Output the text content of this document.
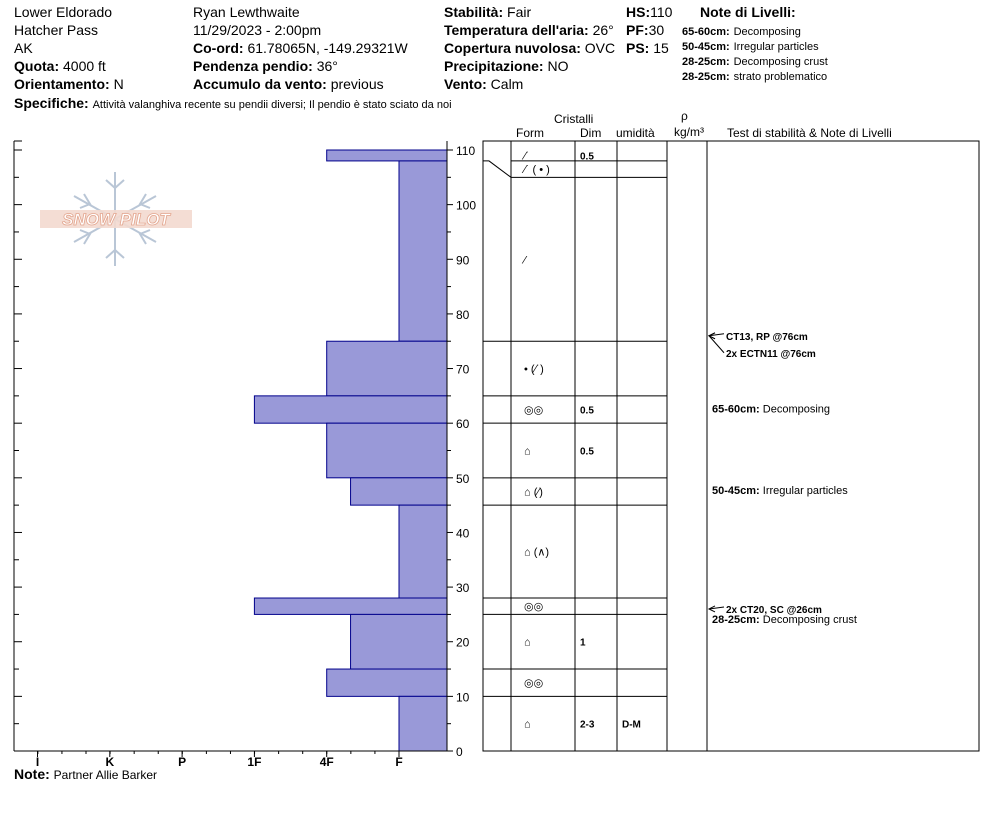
Lower Eldorado
Hatcher Pass
AK
Quota: 4000 ft
Orientamento: N
Ryan Lewthwaite
11/29/2023 - 2:00pm
Co-ord: 61.78065N, -149.29321W
Pendenza pendio: 36°
Accumulo da vento: previous
Stabilità: Fair
Temperatura dell'aria: 26°
Copertura nuvolosa: OVC
Precipitazione: NO
Vento: Calm
HS:110
PF:30
PS: 15
Note di Livelli:
65-60cm: Decomposing
50-45cm: Irregular particles
28-25cm: Decomposing crust
28-25cm: strato problematico
Specifiche: Attività valanghiva recente su pendii diversi; Il pendio è stato sciato da noi
Cristalli
Form	Dim umidità
ρ
kg/m³ Test di stabilità & Note di Livelli
Note: Partner Allie Barker
SNOW PILOT
0
10
20
30
40
50
60
70
80
90
100
110
I	K	P	1F	4F	F
⁄˙	0.5
⁄˙ ( • )
⁄
• (⁄˙)
◎◎	0.5
⌂	0.5
⌂ (⁄)
⌂ (∧)
◎◎
⌂	1
◎◎
⌂	2-3	D-M
CT13, RP @76cm
2x ECTN11 @76cm
2x CT20, SC @26cm
65-60cm: Decomposing
50-45cm: Irregular particles
28-25cm: Decomposing crust
